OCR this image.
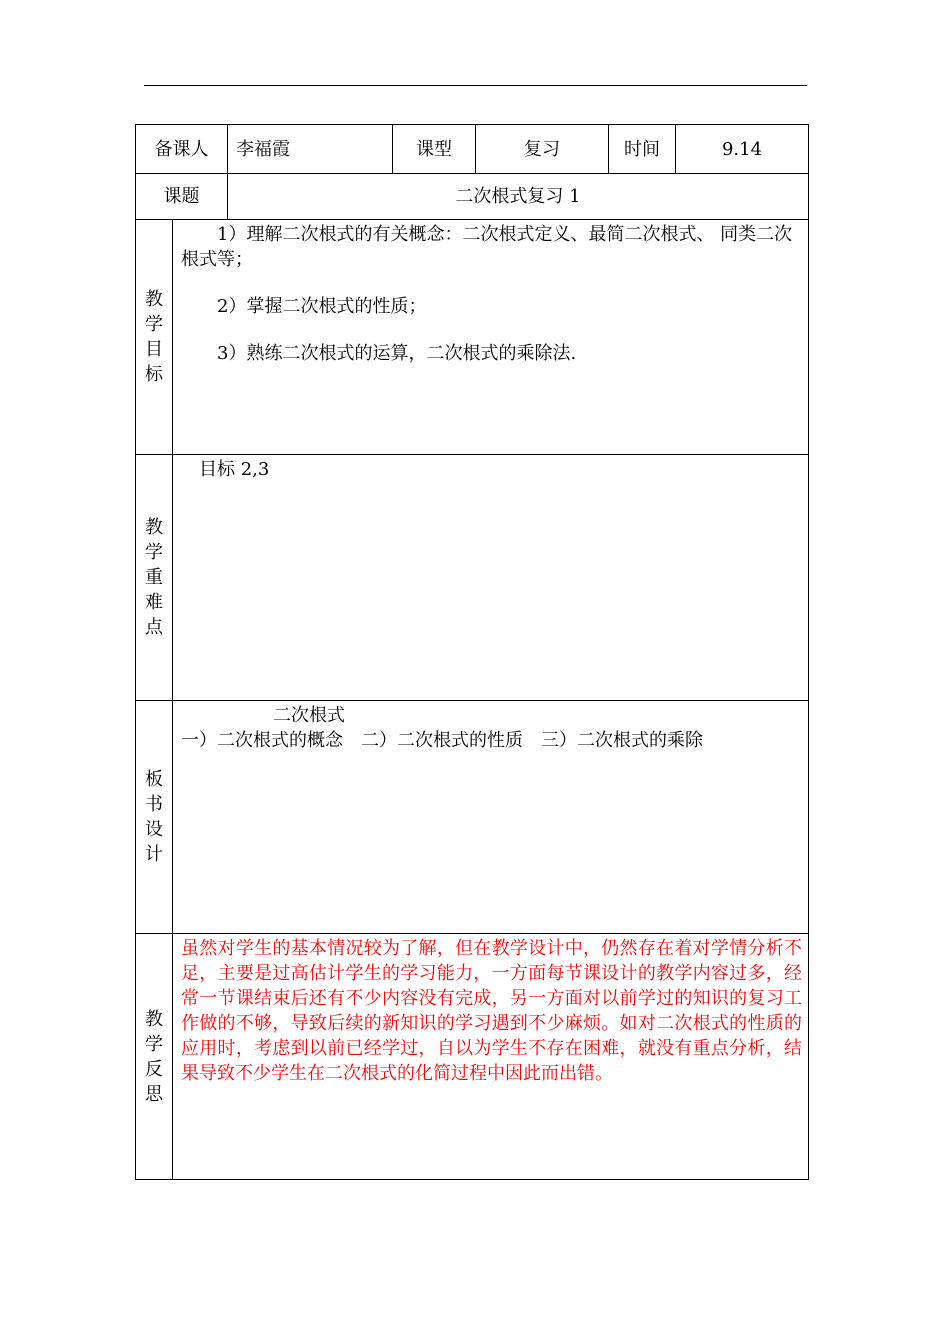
备课人		李福霞	课型	复习	时间	9.14
课题		二次根式复习 1				

教学目标	1）理解二次根式的有关概念：二次根式定义、最简二次根式、 同类二次根式等；

2）掌握二次根式的性质；

3）熟练二次根式的运算，二次根式的乘除法.					

教学重难点	目标 2,3					

板书设计	二次根式

一）二次根式的概念　二）二次根式的性质　三）二次根式的乘除					

教学反思	虽然对学生的基本情况较为了解，但在教学设计中，仍然存在着对学情分析不足，主要是过高估计学生的学习能力，一方面每节课设计的教学内容过多，经常一节课结束后还有不少内容没有完成，另一方面对以前学过的知识的复习工作做的不够，导致后续的新知识的学习遇到不少麻烦。如对二次根式的性质的应用时，考虑到以前已经学过，自以为学生不存在困难，就没有重点分析，结果导致不少学生在二次根式的化简过程中因此而出错。					
